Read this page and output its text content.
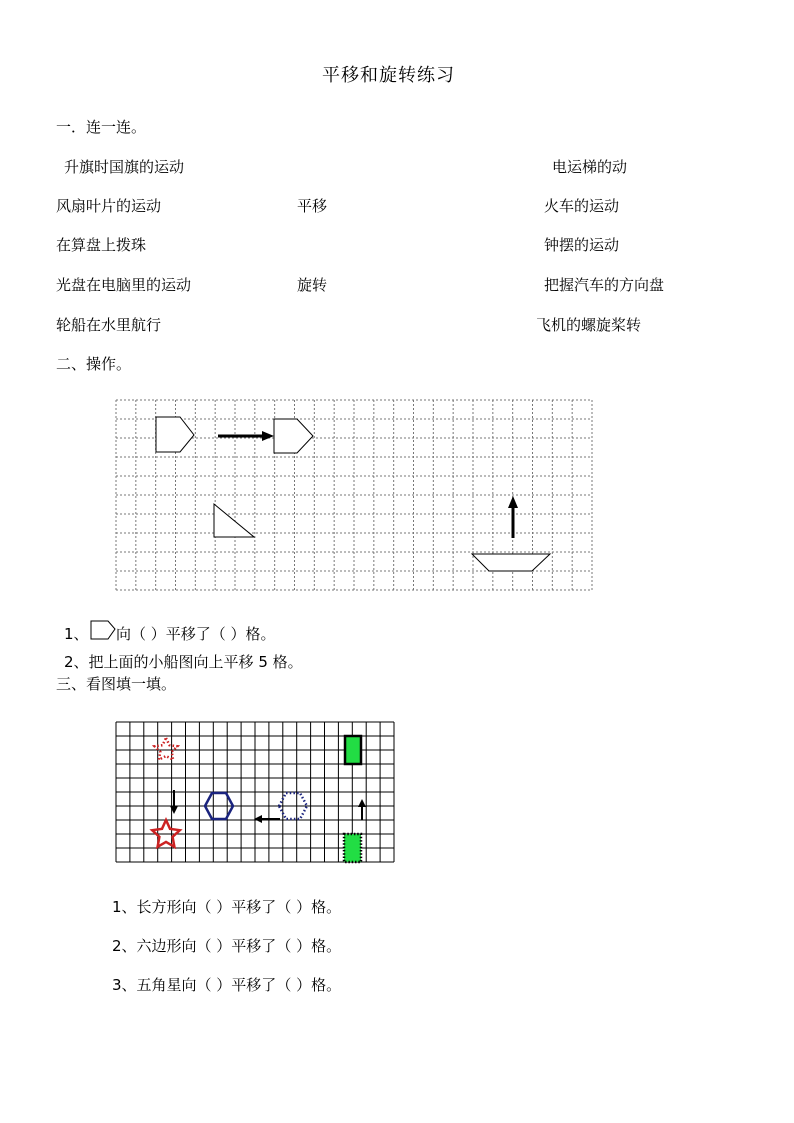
平移和旋转练习
一．连一连。
升旗时国旗的运动
风扇叶片的运动
在算盘上拨珠
光盘在电脑里的运动
轮船在水里航行
平移
旋转
电运梯的动
火车的运动
钟摆的运动
把握汽车的方向盘
飞机的螺旋桨转
二、操作。
1、 向（ ）平移了（ ）格。
2、把上面的小船图向上平移 5 格。
三、看图填一填。
1、长方形向（ ）平移了（ ）格。
2、六边形向（ ）平移了（ ）格。
3、五角星向（ ）平移了（ ）格。
